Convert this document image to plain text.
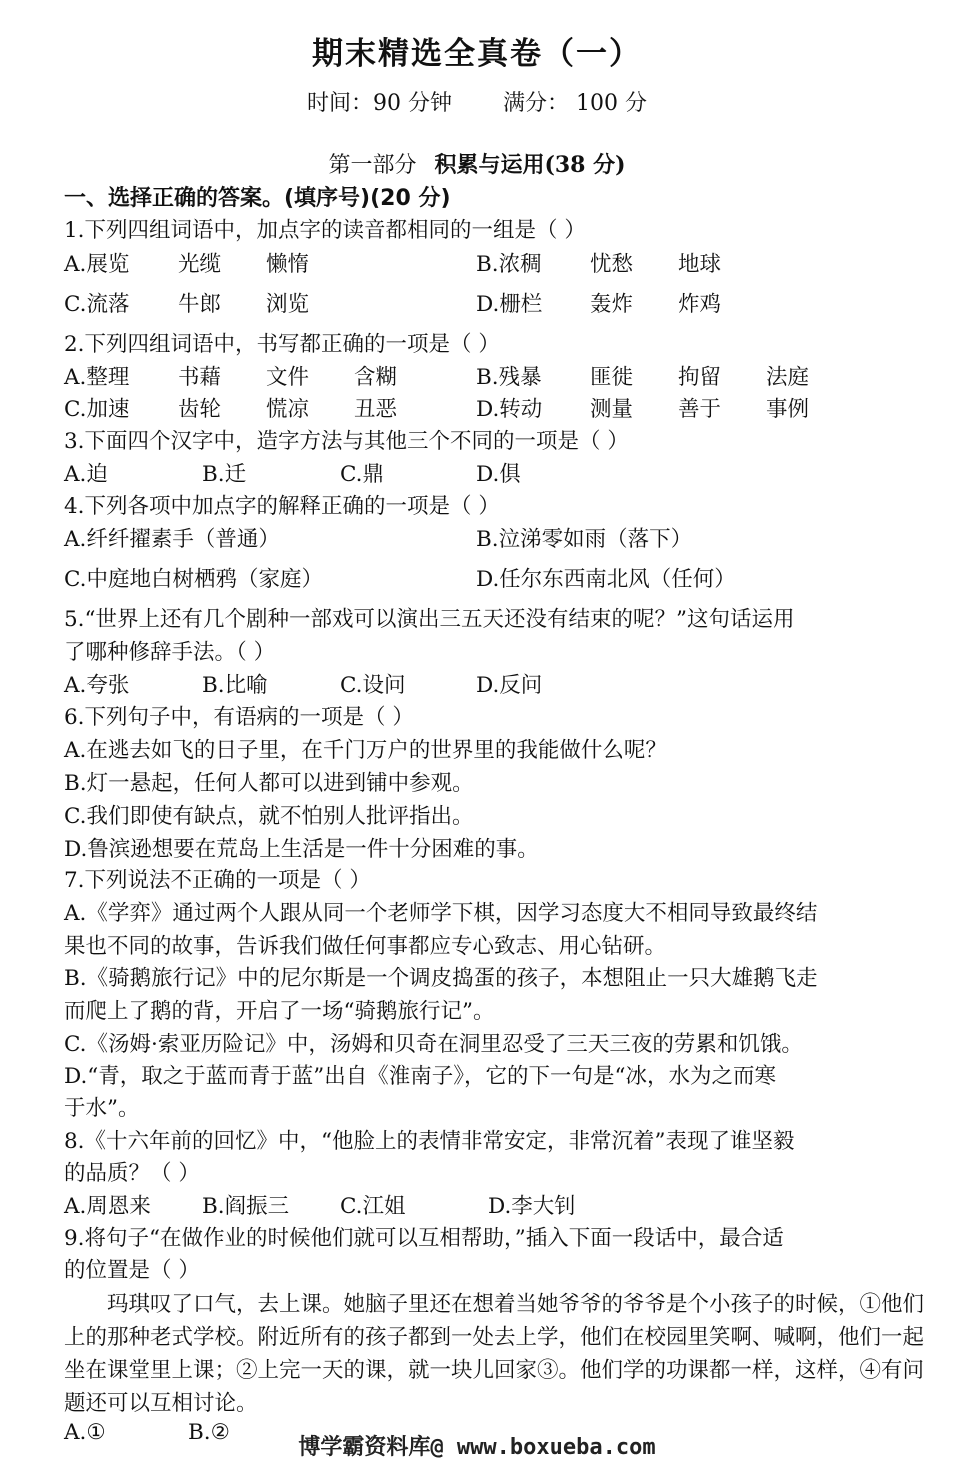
期末精选全真卷（一）
时间：90 分钟 满分： 100 分
第一部分 积累与运用(38 分)
一、选择正确的答案。(填序号)(20 分)
1.下列四组词语中，加点字的读音都相同的一组是（ ）
A.展览 光缆 懒惰	B.浓稠 忧愁 地球
C.流落 牛郎 浏览	D.栅栏 轰炸 炸鸡
2.下列四组词语中，书写都正确的一项是（ ）
A.整理 书藉 文件 含糊	B.残暴 匪徙 拘留 法庭
C.加速 齿轮 慌凉 丑恶	D.转动 测量 善于 事例
3.下面四个汉字中，造字方法与其他三个不同的一项是（ ）
A.迫	B.迁	C.鼎	D.俱
4.下列各项中加点字的解释正确的一项是（ ）
A.纤纤擢素手（普通）	B.泣涕零如雨（落下）
C.中庭地白树栖鸦（家庭）	D.任尔东西南北风（任何）
5.“世界上还有几个剧种一部戏可以演出三五天还没有结束的呢？”这句话运用
了哪种修辞手法。（ ）
A.夸张	B.比喻	C.设问	D.反问
6.下列句子中，有语病的一项是（ ）
A.在逃去如飞的日子里，在千门万户的世界里的我能做什么呢？
B.灯一悬起，任何人都可以进到铺中参观。
C.我们即使有缺点，就不怕别人批评指出。
D.鲁滨逊想要在荒岛上生活是一件十分困难的事。
7.下列说法不正确的一项是（ ）
A.《学弈》通过两个人跟从同一个老师学下棋，因学习态度大不相同导致最终结
果也不同的故事，告诉我们做任何事都应专心致志、用心钻研。
B.《骑鹅旅行记》中的尼尔斯是一个调皮捣蛋的孩子，本想阻止一只大雄鹅飞走
而爬上了鹅的背，开启了一场“骑鹅旅行记”。
C.《汤姆·索亚历险记》中，汤姆和贝奇在洞里忍受了三天三夜的劳累和饥饿。
D.“青，取之于蓝而青于蓝”出自《淮南子》，它的下一句是“冰，水为之而寒
于水”。
8.《十六年前的回忆》中，“他脸上的表情非常安定，非常沉着”表现了谁坚毅
的品质？（ ）
A.周恩来 B.阎振三 C.江姐	D.李大钊
9.将句子“在做作业的时候他们就可以互相帮助，”插入下面一段话中，最合适
的位置是（ ）
玛琪叹了口气，去上课。她脑子里还在想着当她爷爷的爷爷是个小孩子的时候，①他们上的那种老式学校。附近所有的孩子都到一处去上学，他们在校园里笑啊、喊啊，他们一起坐在课堂里上课；②上完一天的课，就一块儿回家③。他们学的功课都一样，这样，④有问题还可以互相讨论。
A.①	B.②
博学霸资料库@ www.boxueba.com
